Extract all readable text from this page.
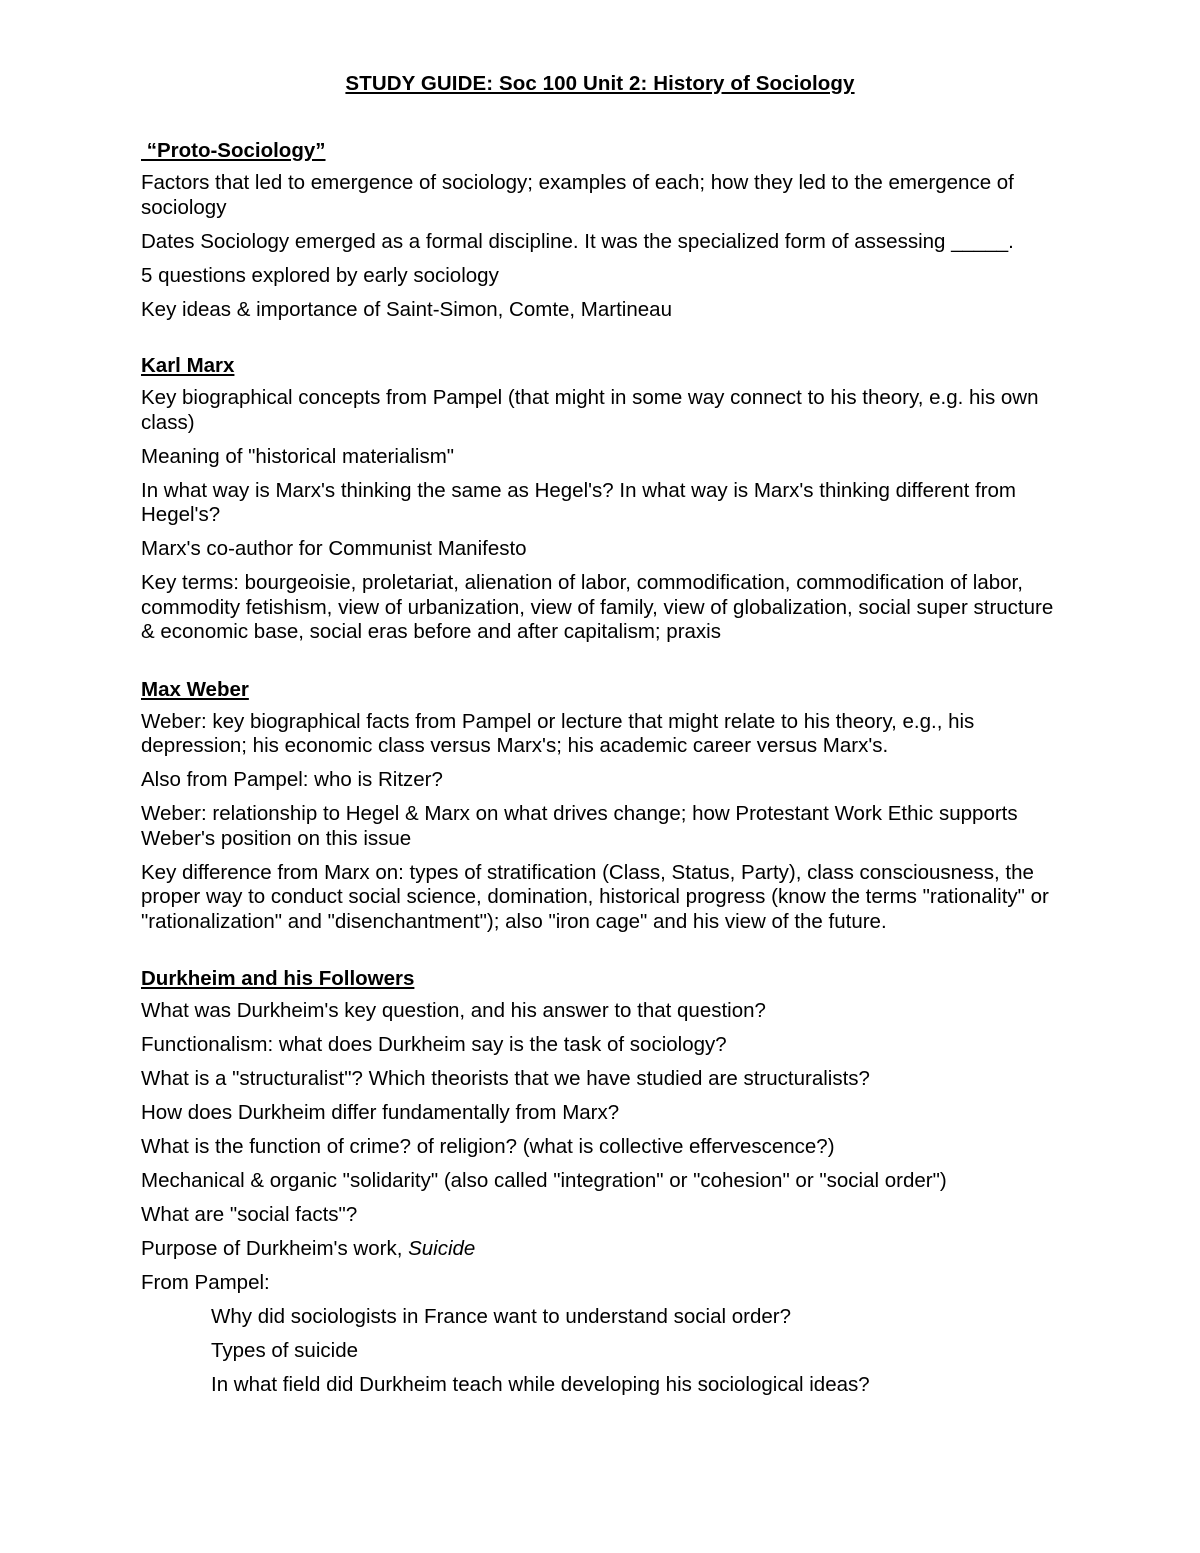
STUDY GUIDE: Soc 100 Unit 2: History of Sociology
“Proto-Sociology”
Factors that led to emergence of sociology; examples of each; how they led to the emergence of sociology
Dates Sociology emerged as a formal discipline. It was the specialized form of assessing _____.
5 questions explored by early sociology
Key ideas & importance of Saint-Simon, Comte, Martineau
Karl Marx
Key biographical concepts from Pampel (that might in some way connect to his theory, e.g. his own class)
Meaning of "historical materialism"
In what way is Marx's thinking the same as Hegel's? In what way is Marx's thinking different from Hegel's?
Marx's co-author for Communist Manifesto
Key terms: bourgeoisie, proletariat, alienation of labor, commodification, commodification of labor, commodity fetishism, view of urbanization, view of family, view of globalization, social super structure & economic base, social eras before and after capitalism; praxis
Max Weber
Weber: key biographical facts from Pampel or lecture that might relate to his theory, e.g., his depression; his economic class versus Marx's; his academic career versus Marx's.
Also from Pampel: who is Ritzer?
Weber: relationship to Hegel & Marx on what drives change; how Protestant Work Ethic supports Weber's position on this issue
Key difference from Marx on: types of stratification (Class, Status, Party), class consciousness, the proper way to conduct social science, domination, historical progress (know the terms "rationality" or "rationalization" and "disenchantment"); also "iron cage" and his view of the future.
Durkheim and his Followers
What was Durkheim's key question, and his answer to that question?
Functionalism: what does Durkheim say is the task of sociology?
What is a "structuralist"? Which theorists that we have studied are structuralists?
How does Durkheim differ fundamentally from Marx?
What is the function of crime? of religion? (what is collective effervescence?)
Mechanical & organic "solidarity" (also called "integration" or "cohesion" or "social order")
What are "social facts"?
Purpose of Durkheim's work, Suicide
From Pampel:
Why did sociologists in France want to understand social order?
Types of suicide
In what field did Durkheim teach while developing his sociological ideas?
